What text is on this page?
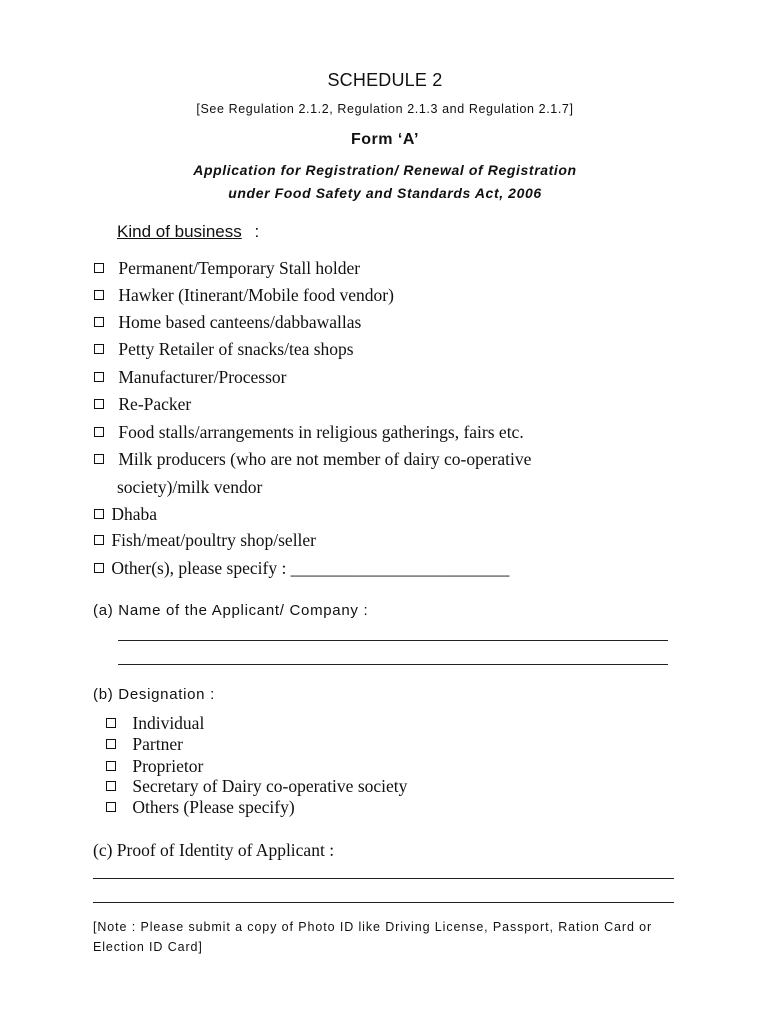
SCHEDULE 2
[See Regulation 2.1.2, Regulation 2.1.3 and Regulation 2.1.7]
Form ‘A’
Application for Registration/ Renewal of Registration
under Food Safety and Standards Act, 2006
Kind of business :
Permanent/Temporary Stall holder
Hawker (Itinerant/Mobile food vendor)
Home based canteens/dabbawallas
Petty Retailer of snacks/tea shops
Manufacturer/Processor
Re-Packer
Food stalls/arrangements in religious gatherings, fairs etc.
Milk producers (who are not member of dairy co-operative
society)/milk vendor
Dhaba
Fish/meat/poultry shop/seller
Other(s), please specify : _________________________
(a) Name of the Applicant/ Company :
(b) Designation :
Individual
Partner
Proprietor
Secretary of Dairy co-operative society
Others (Please specify)
(c) Proof of Identity of Applicant :
[Note : Please submit a copy of Photo ID like Driving License, Passport, Ration Card or
Election ID Card]
